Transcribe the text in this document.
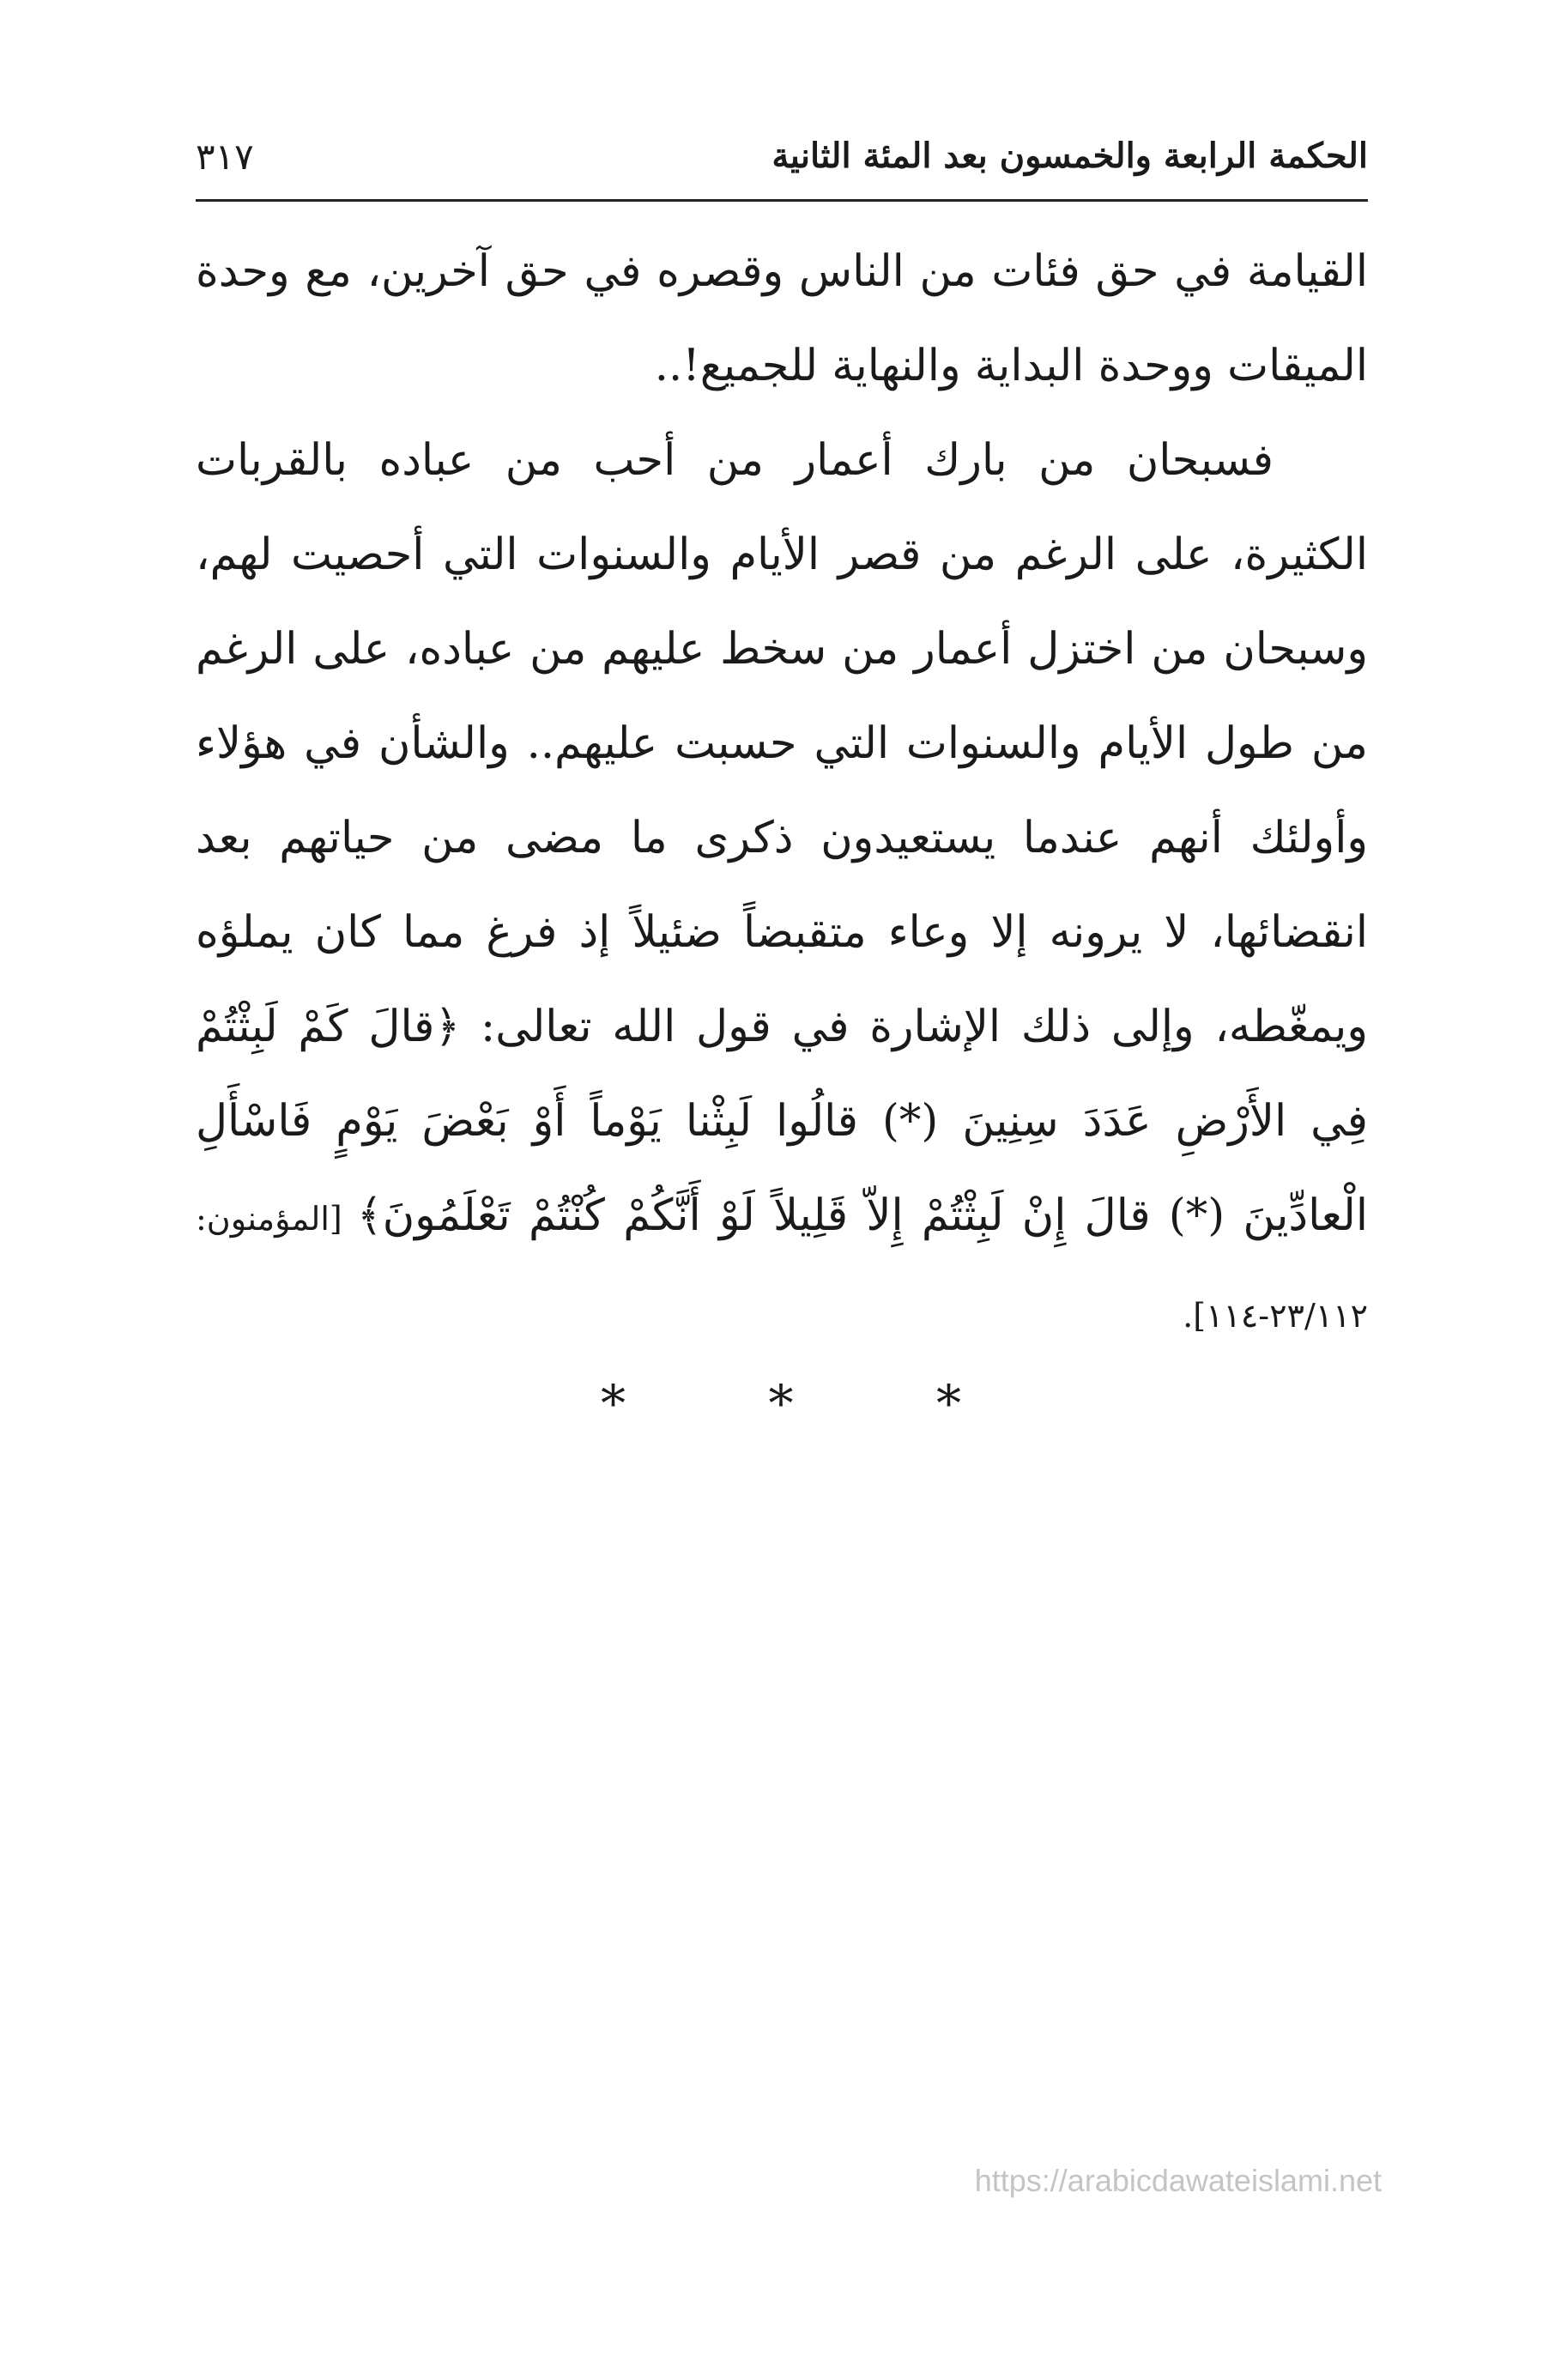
الحكمة الرابعة والخمسون بعد المئة الثانية
٣١٧

القيامة في حق فئات من الناس وقصره في حق آخرين، مع وحدة الميقات ووحدة البداية والنهاية للجميع!..

فسبحان من بارك أعمار من أحب من عباده بالقربات الكثيرة، على الرغم من قصر الأيام والسنوات التي أحصيت لهم، وسبحان من اختزل أعمار من سخط عليهم من عباده، على الرغم من طول الأيام والسنوات التي حسبت عليهم.. والشأن في هؤلاء وأولئك أنهم عندما يستعيدون ذكرى ما مضى من حياتهم بعد انقضائها، لا يرونه إلا وعاء متقبضاً ضئيلاً إذ فرغ مما كان يملؤه ويمغّطه، وإلى ذلك الإشارة في قول الله تعالى: ﴿قالَ كَمْ لَبِثْتُمْ فِي الأَرْضِ عَدَدَ سِنِينَ (*) قالُوا لَبِثْنا يَوْماً أَوْ بَعْضَ يَوْمٍ فَاسْأَلِ الْعادِّينَ (*) قالَ إِنْ لَبِثْتُمْ إِلاّ قَلِيلاً لَوْ أَنَّكُمْ كُنْتُمْ تَعْلَمُونَ﴾ [المؤمنون: ٢٣/١١٢-١١٤].

*	*	*
https://arabicdawateislami.net
